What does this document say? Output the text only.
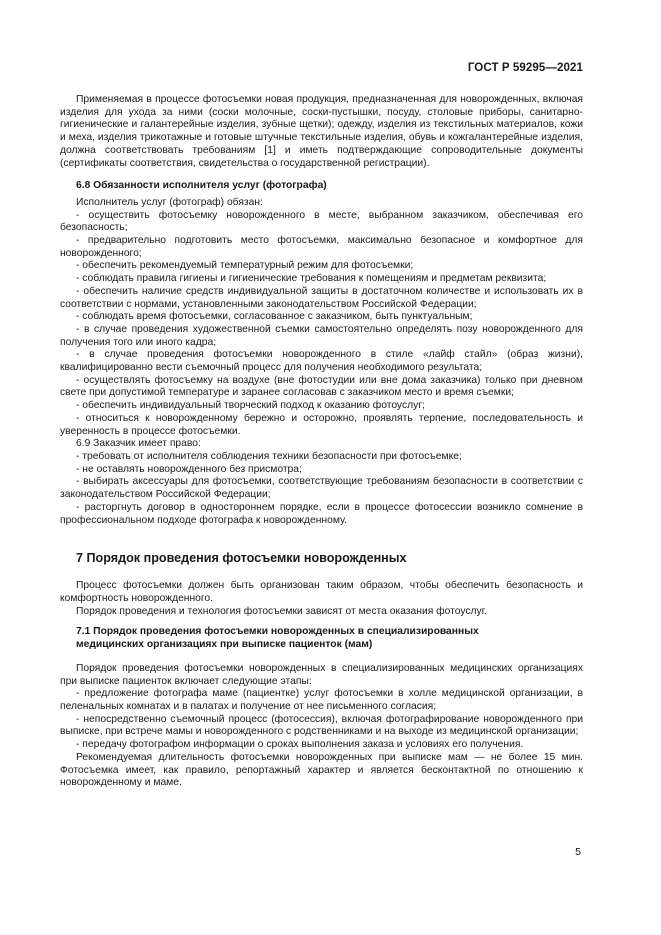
ГОСТ Р 59295—2021

Применяемая в процессе фотосъемки новая продукция, предназначенная для новорожденных, включая изделия для ухода за ними (соски молочные, соски-пустышки, посуду, столовые приборы, санитарно-гигиенические и галантерейные изделия, зубные щетки); одежду, изделия из текстильных материалов, кожи и меха, изделия трикотажные и готовые штучные текстильные изделия, обувь и кожгалантерейные изделия, должна соответствовать требованиям [1] и иметь подтверждающие сопроводительные документы (сертификаты соответствия, свидетельства о государственной регистрации).

6.8 Обязанности исполнителя услуг (фотографа)

Исполнитель услуг (фотограф) обязан:

- осуществить фотосъемку новорожденного в месте, выбранном заказчиком, обеспечивая его безопасность;

- предварительно подготовить место фотосъемки, максимально безопасное и комфортное для новорожденного;

- обеспечить рекомендуемый температурный режим для фотосъемки;

- соблюдать правила гигиены и гигиенические требования к помещениям и предметам реквизита;

- обеспечить наличие средств индивидуальной защиты в достаточном количестве и использовать их в соответствии с нормами, установленными законодательством Российской Федерации;

- соблюдать время фотосъемки, согласованное с заказчиком, быть пунктуальным;

- в случае проведения художественной съемки самостоятельно определять позу новорожденного для получения того или иного кадра;

- в случае проведения фотосъемки новорожденного в стиле «лайф стайл» (образ жизни), квалифицированно вести съемочный процесс для получения необходимого результата;

- осуществлять фотосъемку на воздухе (вне фотостудии или вне дома заказчика) только при дневном свете при допустимой температуре и заранее согласовав с заказчиком место и время съемки;

- обеспечить индивидуальный творческий подход к оказанию фотоуслуг;

- относиться к новорожденному бережно и осторожно, проявлять терпение, последовательность и уверенность в процессе фотосъемки.

6.9 Заказчик имеет право:

- требовать от исполнителя соблюдения техники безопасности при фотосъемке;

- не оставлять новорожденного без присмотра;

- выбирать аксессуары для фотосъемки, соответствующие требованиям безопасности в соответствии с законодательством Российской Федерации;

- расторгнуть договор в одностороннем порядке, если в процессе фотосессии возникло сомнение в профессиональном подходе фотографа к новорожденному.

7 Порядок проведения фотосъемки новорожденных

Процесс фотосъемки должен быть организован таким образом, чтобы обеспечить безопасность и комфортность новорожденного.

Порядок проведения и технология фотосъемки зависят от места оказания фотоуслуг.

7.1 Порядок проведения фотосъемки новорожденных в специализированных
медицинских организациях при выписке пациенток (мам)

Порядок проведения фотосъемки новорожденных в специализированных медицинских организациях при выписке пациенток включает следующие этапы:

- предложение фотографа маме (пациентке) услуг фотосъемки в холле медицинской организации, в пеленальных комнатах и в палатах и получение от нее письменного согласия;

- непосредственно съемочный процесс (фотосессия), включая фотографирование новорожденного при выписке, при встрече мамы и новорожденного с родственниками и на выходе из медицинской организации;

- передачу фотографом информации о сроках выполнения заказа и условиях его получения.

Рекомендуемая длительность фотосъемки новорожденных при выписке мам — не более 15 мин. Фотосъемка имеет, как правило, репортажный характер и является бесконтактной по отношению к новорожденному и маме.

5
